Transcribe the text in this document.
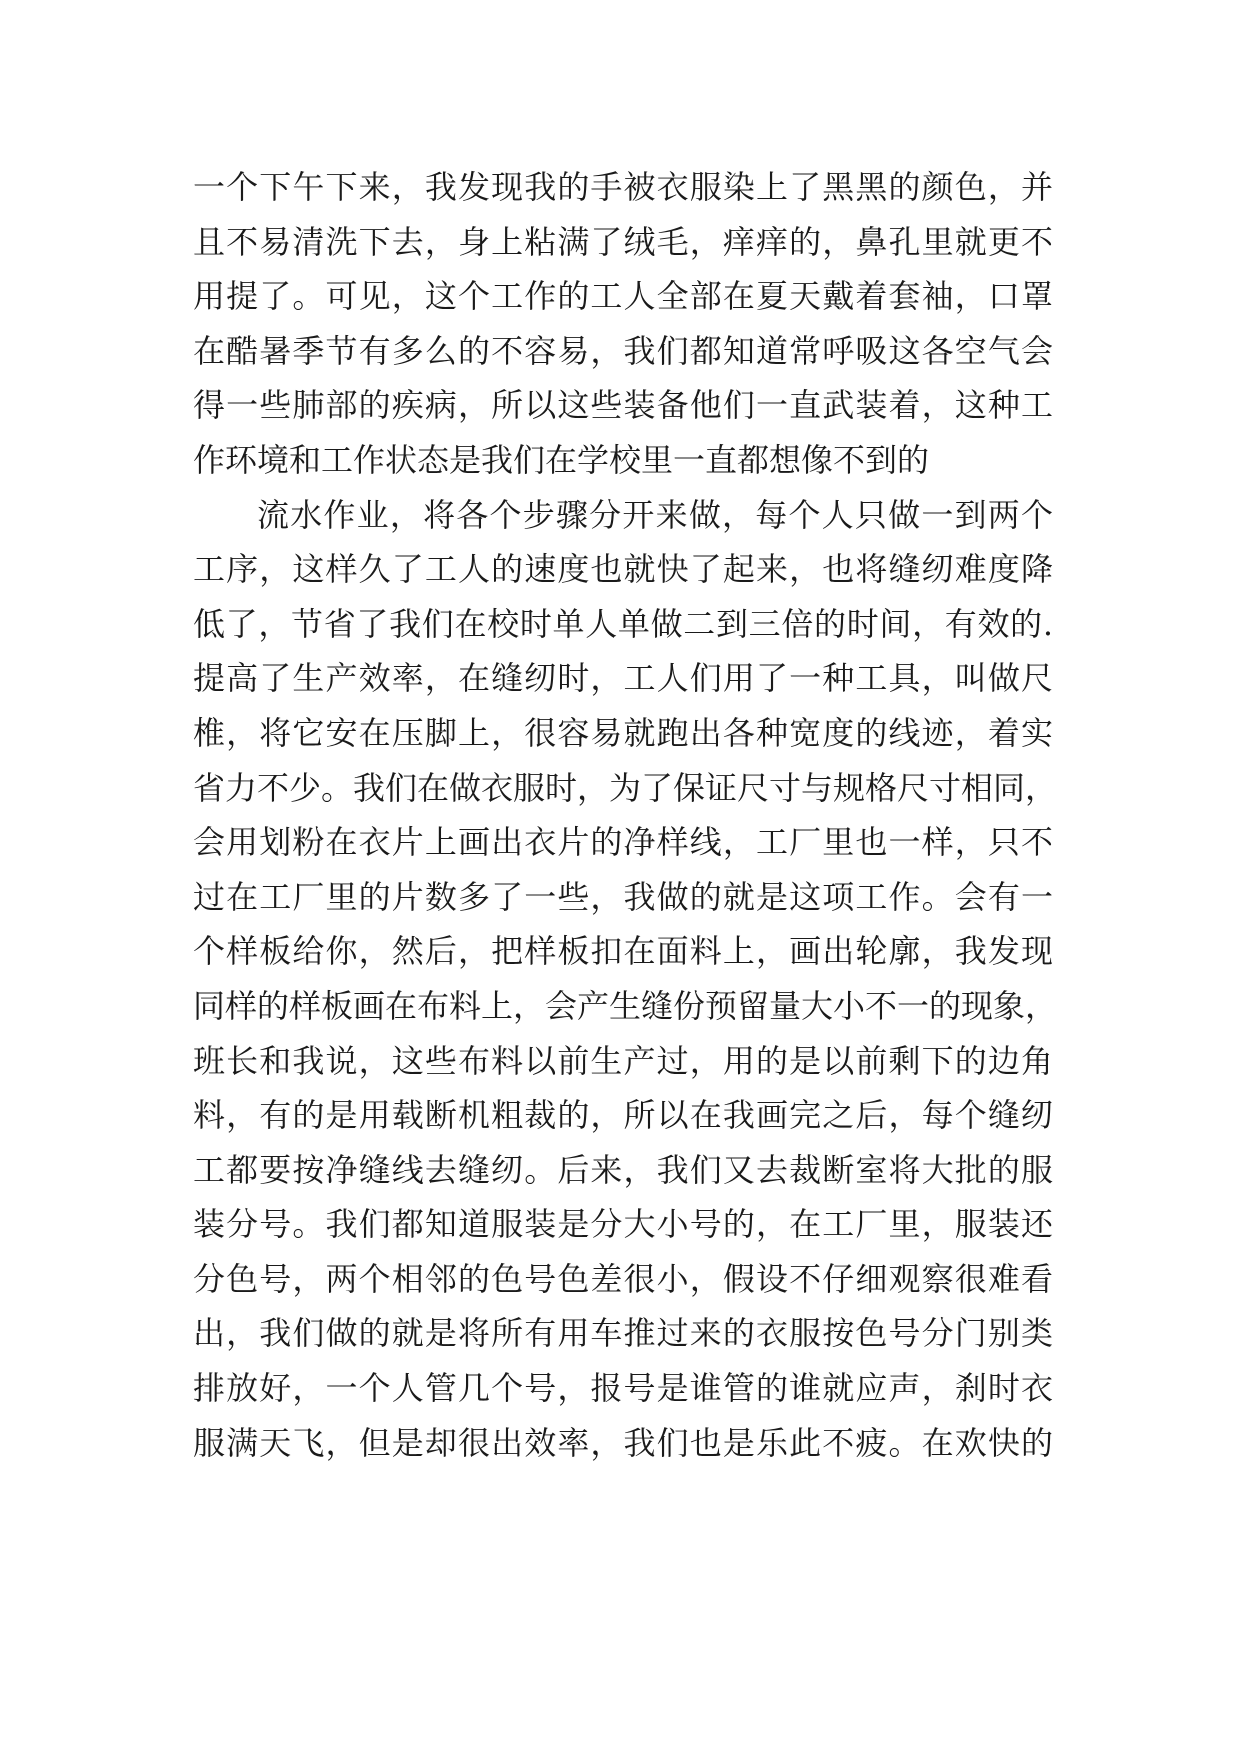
一个下午下来，我发现我的手被衣服染上了黑黑的颜色，并
且不易清洗下去，身上粘满了绒毛，痒痒的，鼻孔里就更不
用提了。可见，这个工作的工人全部在夏天戴着套袖，口罩
在酷暑季节有多么的不容易，我们都知道常呼吸这各空气会
得一些肺部的疾病，所以这些装备他们一直武装着，这种工
作环境和工作状态是我们在学校里一直都想像不到的
流水作业，将各个步骤分开来做，每个人只做一到两个
工序，这样久了工人的速度也就快了起来，也将缝纫难度降
低了，节省了我们在校时单人单做二到三倍的时间，有效的.
提高了生产效率，在缝纫时，工人们用了一种工具，叫做尺
椎，将它安在压脚上，很容易就跑出各种宽度的线迹，着实
省力不少。我们在做衣服时，为了保证尺寸与规格尺寸相同，
会用划粉在衣片上画出衣片的净样线，工厂里也一样，只不
过在工厂里的片数多了一些，我做的就是这项工作。会有一
个样板给你，然后，把样板扣在面料上，画出轮廓，我发现
同样的样板画在布料上，会产生缝份预留量大小不一的现象，
班长和我说，这些布料以前生产过，用的是以前剩下的边角
料，有的是用载断机粗裁的，所以在我画完之后，每个缝纫
工都要按净缝线去缝纫。后来，我们又去裁断室将大批的服
装分号。我们都知道服装是分大小号的，在工厂里，服装还
分色号，两个相邻的色号色差很小，假设不仔细观察很难看
出，我们做的就是将所有用车推过来的衣服按色号分门别类
排放好，一个人管几个号，报号是谁管的谁就应声，刹时衣
服满天飞，但是却很出效率，我们也是乐此不疲。在欢快的
